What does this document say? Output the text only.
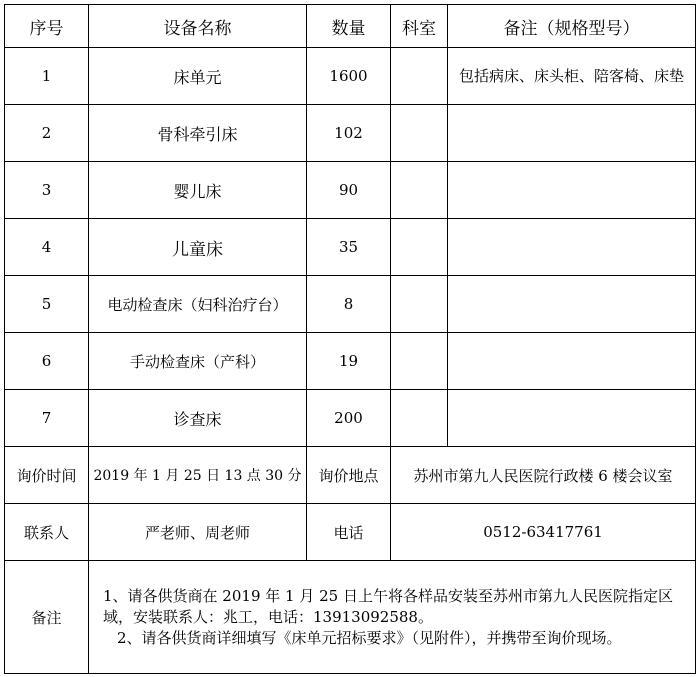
序号	设备名称	数量	科室	备注（规格型号）
1	床单元	1600		包括病床、床头柜、陪客椅、床垫
2	骨科牵引床	102		
3	婴儿床	90		
4	儿童床	35		
5	电动检查床（妇科治疗台）	8		
6	手动检查床（产科）	19		
7	诊查床	200		
询价时间	2019 年 1 月 25 日 13 点 30 分	询价地点	苏州市第九人民医院行政楼 6 楼会议室	
联系人	严老师、周老师	电话	0512-63417761	
备注	1、请各供货商在 2019 年 1 月 25 日上午将各样品安装至苏州市第九人民医院指定区域，安装联系人：兆工，电话：13913092588。
2、请各供货商详细填写《床单元招标要求》（见附件），并携带至询价现场。			
